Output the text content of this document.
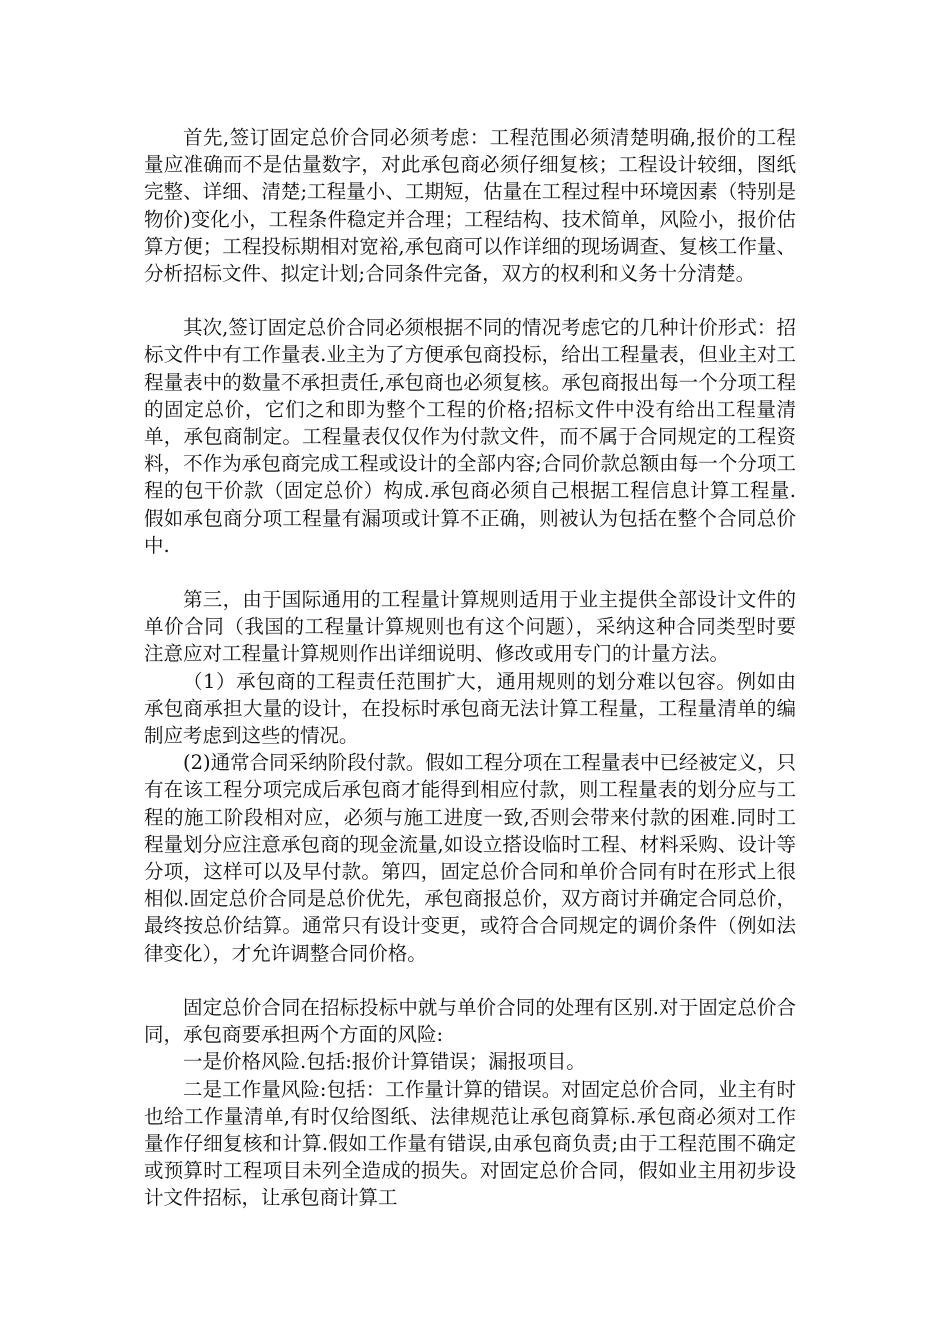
首先,签订固定总价合同必须考虑：工程范围必须清楚明确,报价的工程量应准确而不是估量数字，对此承包商必须仔细复核；工程设计较细，图纸完整、详细、清楚;工程量小、工期短，估量在工程过程中环境因素（特别是物价)变化小，工程条件稳定并合理；工程结构、技术简单，风险小，报价估算方便；工程投标期相对宽裕,承包商可以作详细的现场调查、复核工作量、分析招标文件、拟定计划;合同条件完备，双方的权利和义务十分清楚。

其次,签订固定总价合同必须根据不同的情况考虑它的几种计价形式：招标文件中有工作量表.业主为了方便承包商投标，给出工程量表，但业主对工程量表中的数量不承担责任,承包商也必须复核。承包商报出每一个分项工程的固定总价，它们之和即为整个工程的价格;招标文件中没有给出工程量清单，承包商制定。工程量表仅仅作为付款文件，而不属于合同规定的工程资料，不作为承包商完成工程或设计的全部内容;合同价款总额由每一个分项工程的包干价款（固定总价）构成.承包商必须自己根据工程信息计算工程量.假如承包商分项工程量有漏项或计算不正确，则被认为包括在整个合同总价中.

第三，由于国际通用的工程量计算规则适用于业主提供全部设计文件的单价合同（我国的工程量计算规则也有这个问题），采纳这种合同类型时要注意应对工程量计算规则作出详细说明、修改或用专门的计量方法。

（1）承包商的工程责任范围扩大，通用规则的划分难以包容。例如由承包商承担大量的设计，在投标时承包商无法计算工程量，工程量清单的编制应考虑到这些的情况。

(2)通常合同采纳阶段付款。假如工程分项在工程量表中已经被定义，只有在该工程分项完成后承包商才能得到相应付款，则工程量表的划分应与工程的施工阶段相对应，必须与施工进度一致,否则会带来付款的困难.同时工程量划分应注意承包商的现金流量,如设立搭设临时工程、材料采购、设计等分项，这样可以及早付款。第四，固定总价合同和单价合同有时在形式上很相似.固定总价合同是总价优先，承包商报总价，双方商讨并确定合同总价，最终按总价结算。通常只有设计变更，或符合合同规定的调价条件（例如法律变化），才允许调整合同价格。

固定总价合同在招标投标中就与单价合同的处理有区别.对于固定总价合同，承包商要承担两个方面的风险:

一是价格风险.包括:报价计算错误；漏报项目。

二是工作量风险:包括：工作量计算的错误。对固定总价合同，业主有时也给工作量清单,有时仅给图纸、法律规范让承包商算标.承包商必须对工作量作仔细复核和计算.假如工作量有错误,由承包商负责;由于工程范围不确定或预算时工程项目未列全造成的损失。对固定总价合同，假如业主用初步设计文件招标，让承包商计算工
